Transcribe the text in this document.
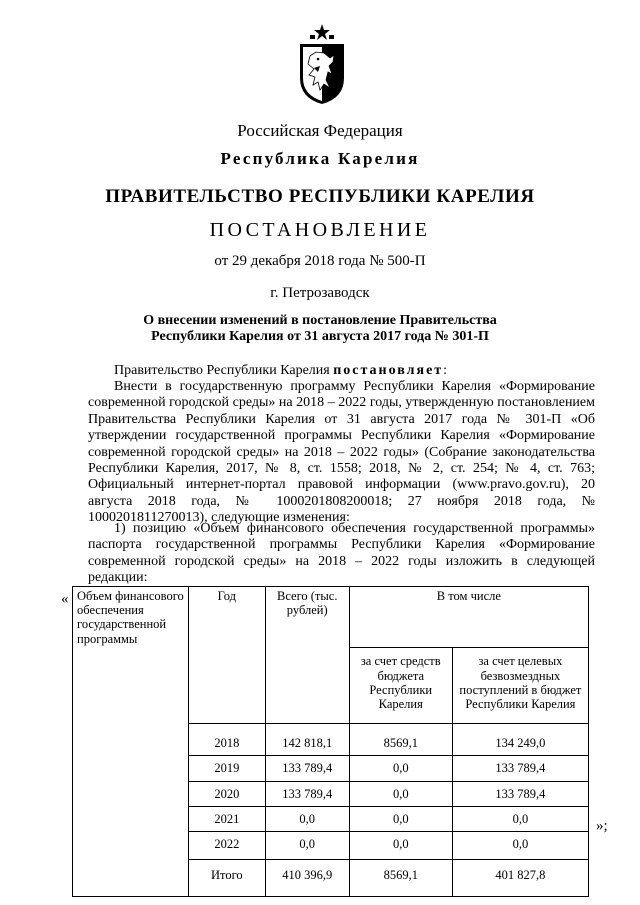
Российская Федерация
Республика Карелия
ПРАВИТЕЛЬСТВО РЕСПУБЛИКИ КАРЕЛИЯ
ПОСТАНОВЛЕНИЕ
от 29 декабря 2018 года № 500-П
г. Петрозаводск
О внесении изменений в постановление Правительства
Республики Карелия от 31 августа 2017 года № 301-П
Правительство Республики Карелия постановляет:
Внести в государственную программу Республики Карелия «Формирование современной городской среды» на 2018 – 2022 годы, утвержденную постановлением Правительства Республики Карелия от 31 августа 2017 года № 301-П «Об утверждении государственной программы Республики Карелия «Формирование современной городской среды» на 2018 – 2022 годы» (Собрание законодательства Республики Карелия, 2017, № 8, ст. 1558; 2018, № 2, ст. 254; № 4, ст. 763; Официальный интернет-портал правовой информации (www.pravo.gov.ru), 20 августа 2018 года, № 1000201808200018; 27 ноября 2018 года, № 1000201811270013), следующие изменения:
1) позицию «Объем финансового обеспечения государственной программы» паспорта государственной программы Республики Карелия «Формирование современной городской среды» на 2018 – 2022 годы изложить в следующей редакции:
« Объем финансового обеспечения государственной программы	Год	Всего (тыс. рублей)	В том числе	
			за счет средств бюджета Республики Карелия	за счет целевых безвозмездных поступлений в бюджет Республики Карелия
	2018	142 818,1	8569,1	134 249,0
	2019	133 789,4	0,0	133 789,4
	2020	133 789,4	0,0	133 789,4
	2021	0,0	0,0	0,0
	2022	0,0	0,0	0,0
	Итого	410 396,9	8569,1	401 827,8
»;
